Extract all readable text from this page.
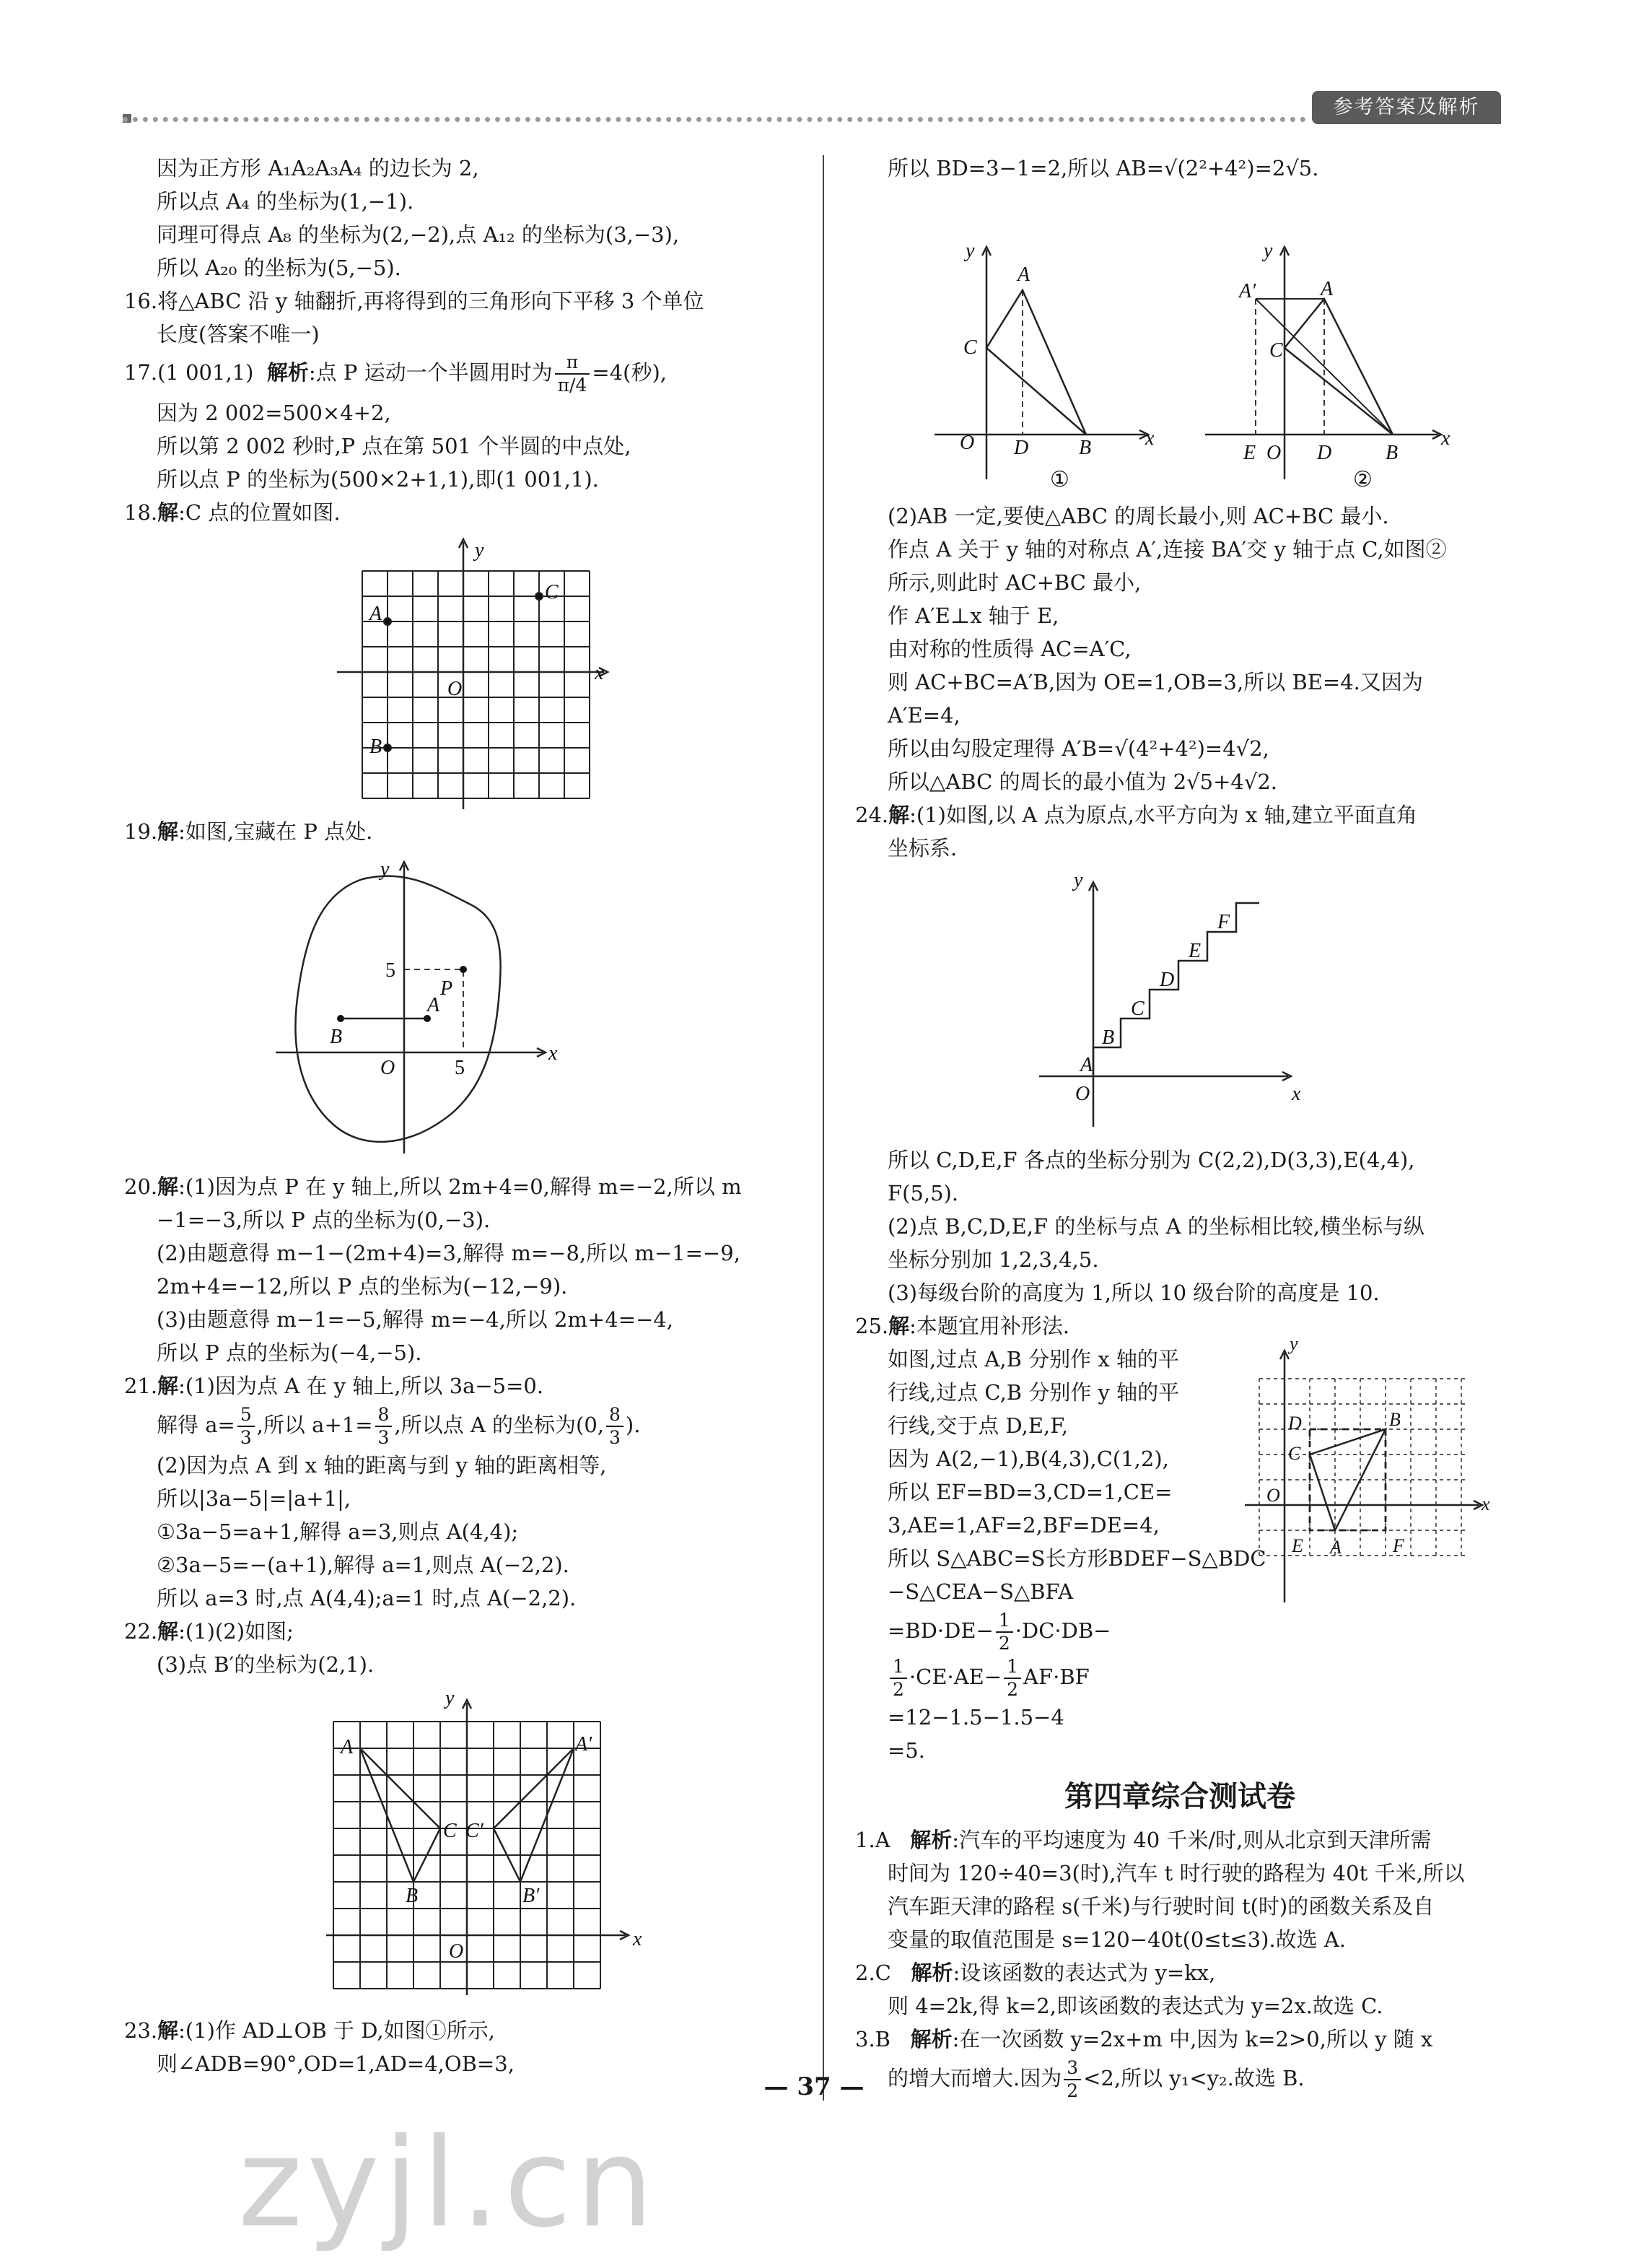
参考答案及解析

因为正方形 A₁A₂A₃A₄ 的边长为 2,

所以点 A₄ 的坐标为(1,−1).

同理可得点 A₈ 的坐标为(2,−2),点 A₁₂ 的坐标为(3,−3),

所以 A₂₀ 的坐标为(5,−5).

16.将△ABC 沿 y 轴翻折,再将得到的三角形向下平移 3 个单位

长度(答案不唯一)

17.(1 001,1) 解析:点 P 运动一个半圆用时为 $\frac{\pi}{\pi/4} =4$(秒),

因为 2 002=500×4+2,

所以第 2 002 秒时,P 点在第 501 个半圆的中点处,

所以点 P 的坐标为(500×2+1,1),即(1 001,1).

18.解:C 点的位置如图.

A
B
C
O
x
y

19.解:如图,宝藏在 P 点处.

P
A
B
O
5
5
x
y

20.解:(1)因为点 P 在 y 轴上,所以 2m+4=0,解得 m=−2,所以 m

−1=−3,所以 P 点的坐标为(0,−3).

(2)由题意得 m−1−(2m+4)=3,解得 m=−8,所以 m−1=−9,

2m+4=−12,所以 P 点的坐标为(−12,−9).

(3)由题意得 m−1=−5,解得 m=−4,所以 2m+4=−4,

所以 P 点的坐标为(−4,−5).

21.解:(1)因为点 A 在 y 轴上,所以 3a−5=0.

解得 $a= \frac{5}{3}$ ,所以 $a+1= \frac{8}{3}$ ,所以点 A 的坐标为(0, $\frac{8}{3}$ ).

(2)因为点 A 到 x 轴的距离与到 y 轴的距离相等,

所以|3a−5|=|a+1|,

①3a−5=a+1,解得 a=3,则点 A(4,4);

②3a−5=−(a+1),解得 a=1,则点 A(−2,2).

所以 a=3 时,点 A(4,4);a=1 时,点 A(−2,2).

22.解:(1)(2)如图;

(3)点 B′的坐标为(2,1).

A	A′
B	B′
C C′
O
x
y

23.解:(1)作 AD⊥OB 于 D,如图①所示,

则∠ADB=90°,OD=1,AD=4,OB=3,

所以 BD=3−1=2,所以 AB=√(2²+4²)=2√5.

y
A
C
O D B	x
y
A′	A
C
E O D	B
x
①	②

(2)AB 一定,要使△ABC 的周长最小,则 AC+BC 最小.

作点 A 关于 y 轴的对称点 A′,连接 BA′交 y 轴于点 C,如图②

所示,则此时 AC+BC 最小,

作 A′E⊥x 轴于 E,

由对称的性质得 AC=A′C,

则 AC+BC=A′B,因为 OE=1,OB=3,所以 BE=4.又因为

A′E=4,

所以由勾股定理得 A′B=√(4²+4²)=4√2,

所以△ABC 的周长的最小值为 2√5+4√2.

24.解:(1)如图,以 A 点为原点,水平方向为 x 轴,建立平面直角

坐标系.

y
A
B
C
D
E
F
O	x

所以 C,D,E,F 各点的坐标分别为 C(2,2),D(3,3),E(4,4),

F(5,5).

(2)点 B,C,D,E,F 的坐标与点 A 的坐标相比较,横坐标与纵

坐标分别加 1,2,3,4,5.

(3)每级台阶的高度为 1,所以 10 级台阶的高度是 10.

25.解:本题宜用补形法.

y
B
D
C
O
E A	F
x

如图,过点 A,B 分别作 x 轴的平

行线,过点 C,B 分别作 y 轴的平

行线,交于点 D,E,F,

因为 A(2,−1),B(4,3),C(1,2),

所以 EF=BD=3,CD=1,CE=

3,AE=1,AF=2,BF=DE=4,

所以 S△ABC=S长方形BDEF−S△BDC

−S△CEA−S△BFA

$=BD\cdot DE- \frac{1}{2} \cdot DC\cdot DB-$

$\frac{1}{2} \cdot CE\cdot AE- \frac{1}{2} AF\cdot BF$

=12−1.5−1.5−4

=5.

第四章综合测试卷

1.A 解析:汽车的平均速度为 40 千米/时,则从北京到天津所需

时间为 120÷40=3(时),汽车 t 时行驶的路程为 40t 千米,所以

汽车距天津的路程 s(千米)与行驶时间 t(时)的函数关系及自

变量的取值范围是 s=120−40t(0≤t≤3).故选 A.

2.C 解析:设该函数的表达式为 y=kx,

则 4=2k,得 k=2,即该函数的表达式为 y=2x.故选 C.

3.B 解析:在一次函数 y=2x+m 中,因为 k=2>0,所以 y 随 x

的增大而增大.因为 $\frac{3}{2} <2$,所以 y₁<y₂.故选 B.

— 37 —
zyjl.cn
